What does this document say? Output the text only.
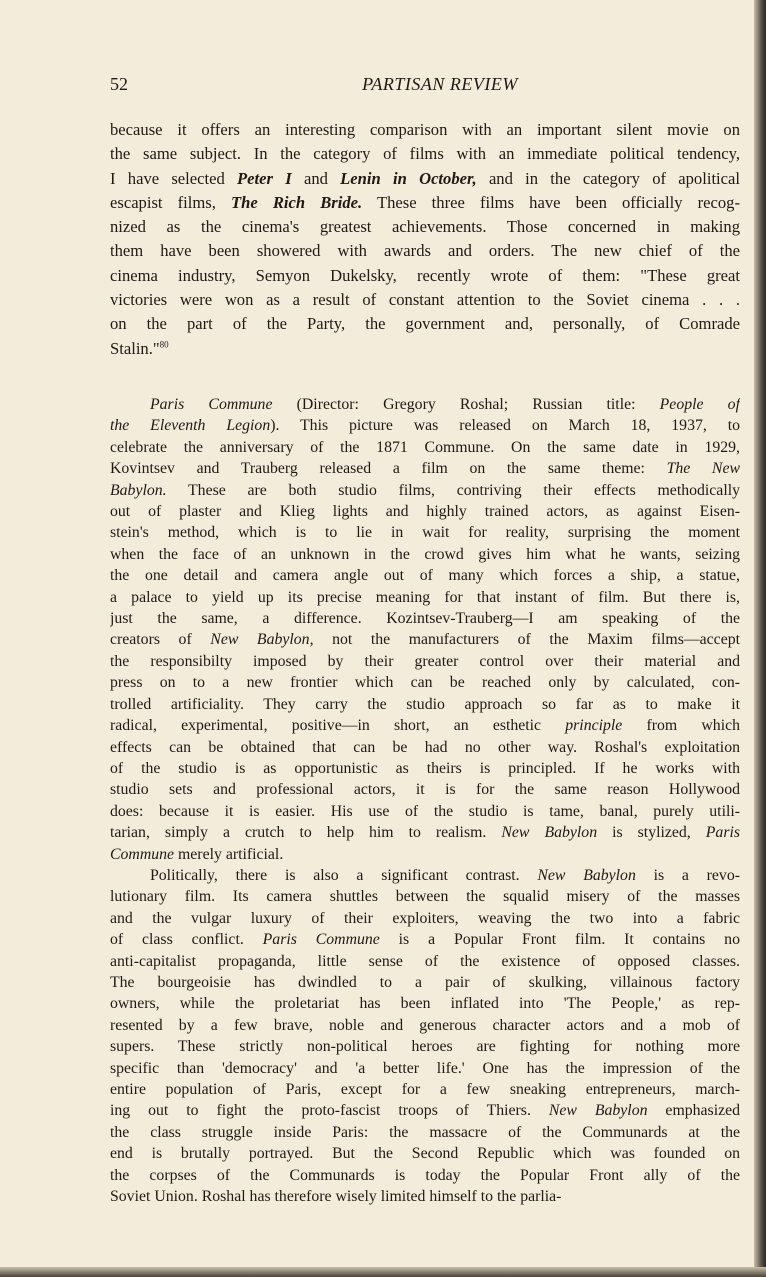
52	PARTISAN REVIEW
because it offers an interesting comparison with an important silent movie on
the same subject. In the category of films with an immediate political tendency,
I have selected Peter I and Lenin in October, and in the category of apolitical
escapist films, The Rich Bride. These three films have been officially recog-
nized as the cinema's greatest achievements. Those concerned in making
them have been showered with awards and orders. The new chief of the
cinema industry, Semyon Dukelsky, recently wrote of them: "These great
victories were won as a result of constant attention to the Soviet cinema . . .
on the part of the Party, the government and, personally, of Comrade
Stalin."$^{80}$
Paris Commune (Director: Gregory Roshal; Russian title: People of
the Eleventh Legion). This picture was released on March 18, 1937, to
celebrate the anniversary of the 1871 Commune. On the same date in 1929,
Kovintsev and Trauberg released a film on the same theme: The New
Babylon. These are both studio films, contriving their effects methodically
out of plaster and Klieg lights and highly trained actors, as against Eisen-
stein's method, which is to lie in wait for reality, surprising the moment
when the face of an unknown in the crowd gives him what he wants, seizing
the one detail and camera angle out of many which forces a ship, a statue,
a palace to yield up its precise meaning for that instant of film. But there is,
just the same, a difference. Kozintsev-Trauberg—I am speaking of the
creators of New Babylon, not the manufacturers of the Maxim films—accept
the responsibilty imposed by their greater control over their material and
press on to a new frontier which can be reached only by calculated, con-
trolled artificiality. They carry the studio approach so far as to make it
radical, experimental, positive—in short, an esthetic principle from which
effects can be obtained that can be had no other way. Roshal's exploitation
of the studio is as opportunistic as theirs is principled. If he works with
studio sets and professional actors, it is for the same reason Hollywood
does: because it is easier. His use of the studio is tame, banal, purely utili-
tarian, simply a crutch to help him to realism. New Babylon is stylized, Paris
Commune merely artificial.
Politically, there is also a significant contrast. New Babylon is a revo-
lutionary film. Its camera shuttles between the squalid misery of the masses
and the vulgar luxury of their exploiters, weaving the two into a fabric
of class conflict. Paris Commune is a Popular Front film. It contains no
anti-capitalist propaganda, little sense of the existence of opposed classes.
The bourgeoisie has dwindled to a pair of skulking, villainous factory
owners, while the proletariat has been inflated into 'The People,' as rep-
resented by a few brave, noble and generous character actors and a mob of
supers. These strictly non-political heroes are fighting for nothing more
specific than 'democracy' and 'a better life.' One has the impression of the
entire population of Paris, except for a few sneaking entrepreneurs, march-
ing out to fight the proto-fascist troops of Thiers. New Babylon emphasized
the class struggle inside Paris: the massacre of the Communards at the
end is brutally portrayed. But the Second Republic which was founded on
the corpses of the Communards is today the Popular Front ally of the
Soviet Union. Roshal has therefore wisely limited himself to the parlia-
